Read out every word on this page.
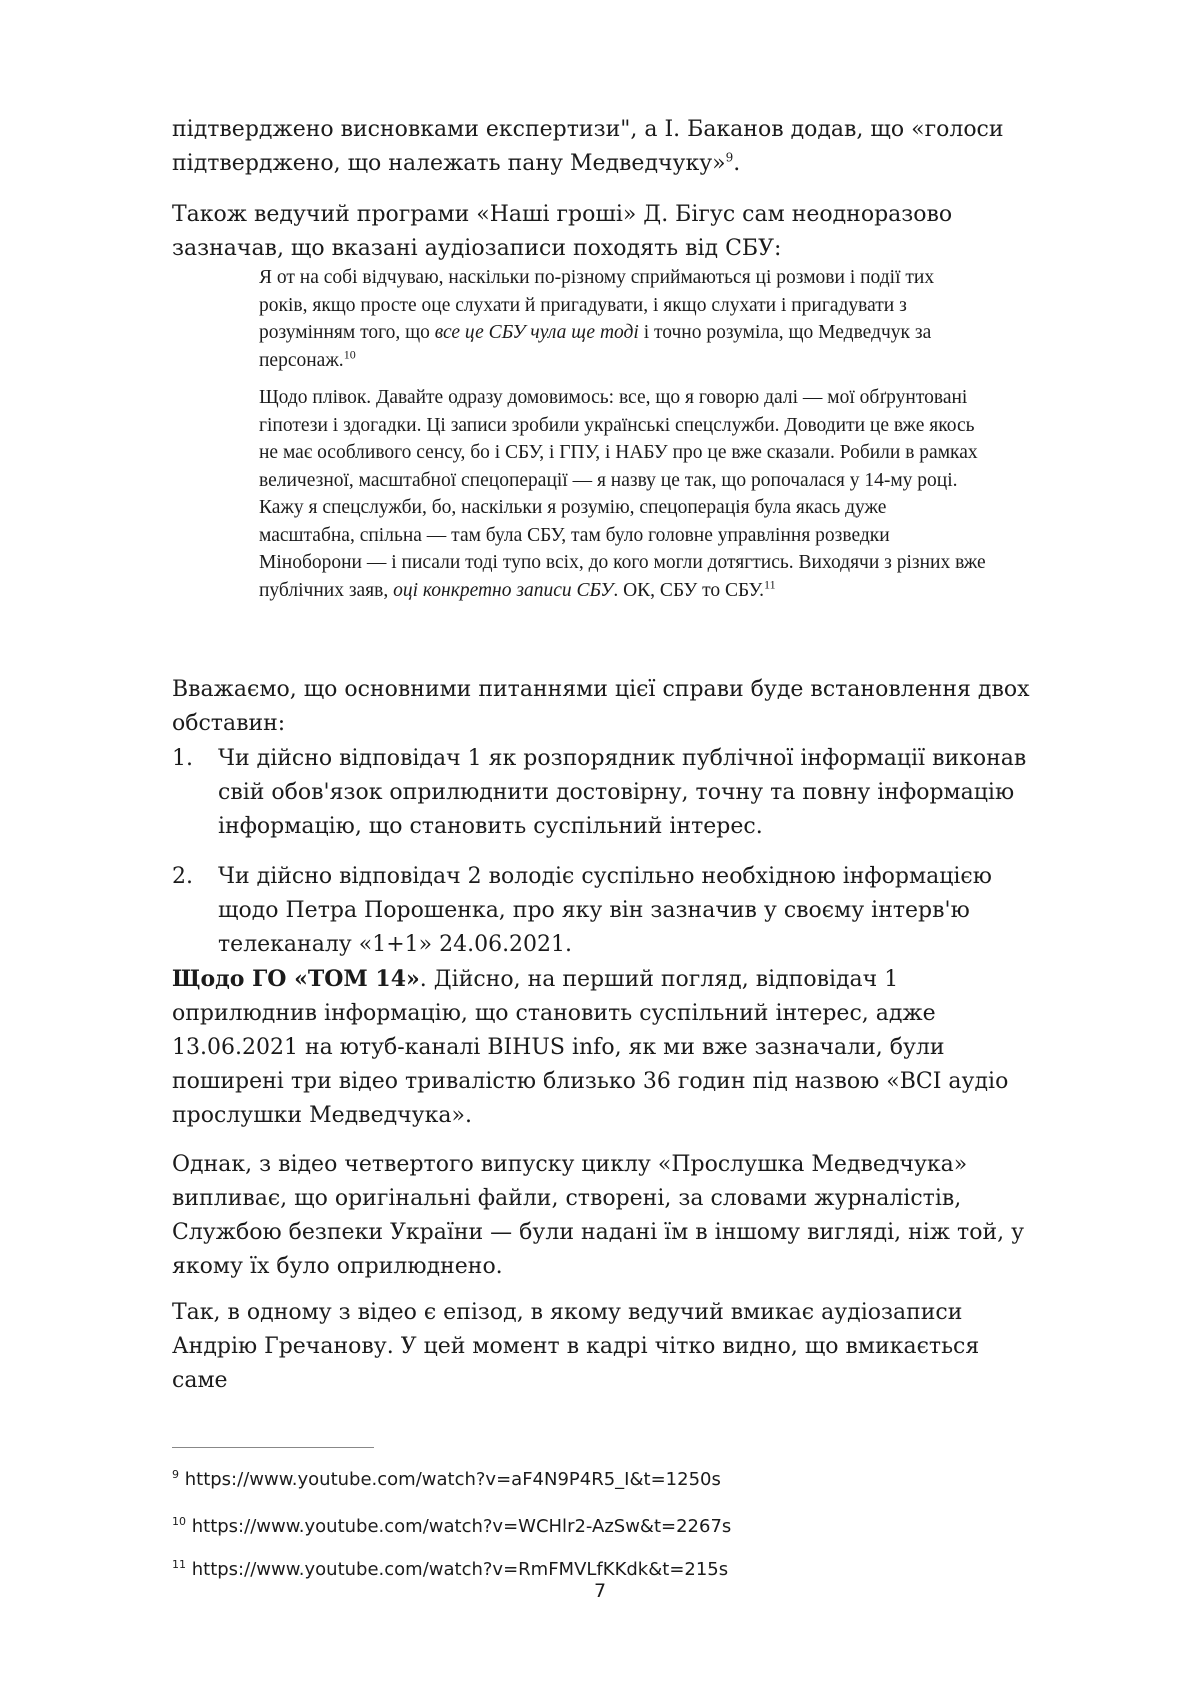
підтверджено висновками експертизи", а І. Баканов додав, що «голоси підтверджено, що належать пану Медведчуку»$^9$.

Також ведучий програми «Наші гроші» Д. Бігус сам неодноразово зазначав, що вказані аудіозаписи походять від СБУ:

Я от на собі відчуваю, наскільки по-різному сприймаються ці розмови і події тих років, якщо просте оце слухати й пригадувати, і якщо слухати і пригадувати з розумінням того, що все це СБУ чула ще тоді і точно розуміла, що Медведчук за персонаж.$^{10}$

Щодо плівок. Давайте одразу домовимось: все, що я говорю далі — мої обґрунтовані гіпотези і здогадки. Ці записи зробили українські спецслужби. Доводити це вже якось не має особливого сенсу, бо і СБУ, і ГПУ, і НАБУ про це вже сказали. Робили в рамках величезної, масштабної спецоперації — я назву це так, що ропочалася у 14-му році. Кажу я спецслужби, бо, наскільки я розумію, спецоперація була якась дуже масштабна, спільна — там була СБУ, там було головне управління розведки Міноборони — і писали тоді тупо всіх, до кого могли дотягтись. Виходячи з різних вже публічних заяв, оці конкретно записи СБУ. ОК, СБУ то СБУ.$^{11}$

Вважаємо, що основними питаннями цієї справи буде встановлення двох обставин:

1. Чи дійсно відповідач 1 як розпорядник публічної інформації виконав свій обов'язок оприлюднити достовірну, точну та повну інформацію інформацію, що становить суспільний інтерес.

2. Чи дійсно відповідач 2 володіє суспільно необхідною інформацією щодо Петра Порошенка, про яку він зазначив у своєму інтерв'ю телеканалу «1+1» 24.06.2021.

Щодо ГО «ТОМ 14». Дійсно, на перший погляд, відповідач 1 оприлюднив інформацію, що становить суспільний інтерес, адже 13.06.2021 на ютуб-каналі BIHUS info, як ми вже зазначали, були поширені три відео тривалістю близько 36 годин під назвою «ВСІ аудіо прослушки Медведчука».

Однак, з відео четвертого випуску циклу «Прослушка Медведчука» випливає, що оригінальні файли, створені, за словами журналістів, Службою безпеки України — були надані їм в іншому вигляді, ніж той, у якому їх було оприлюднено.

Так, в одному з відео є епізод, в якому ведучий вмикає аудіозаписи Андрію Гречанову. У цей момент в кадрі чітко видно, що вмикається саме

$^9$ https://www.youtube.com/watch?v=aF4N9P4R5_I&t=1250s

$^{10}$ https://www.youtube.com/watch?v=WCHlr2-AzSw&t=2267s

$^{11}$ https://www.youtube.com/watch?v=RmFMVLfKKdk&t=215s

7
